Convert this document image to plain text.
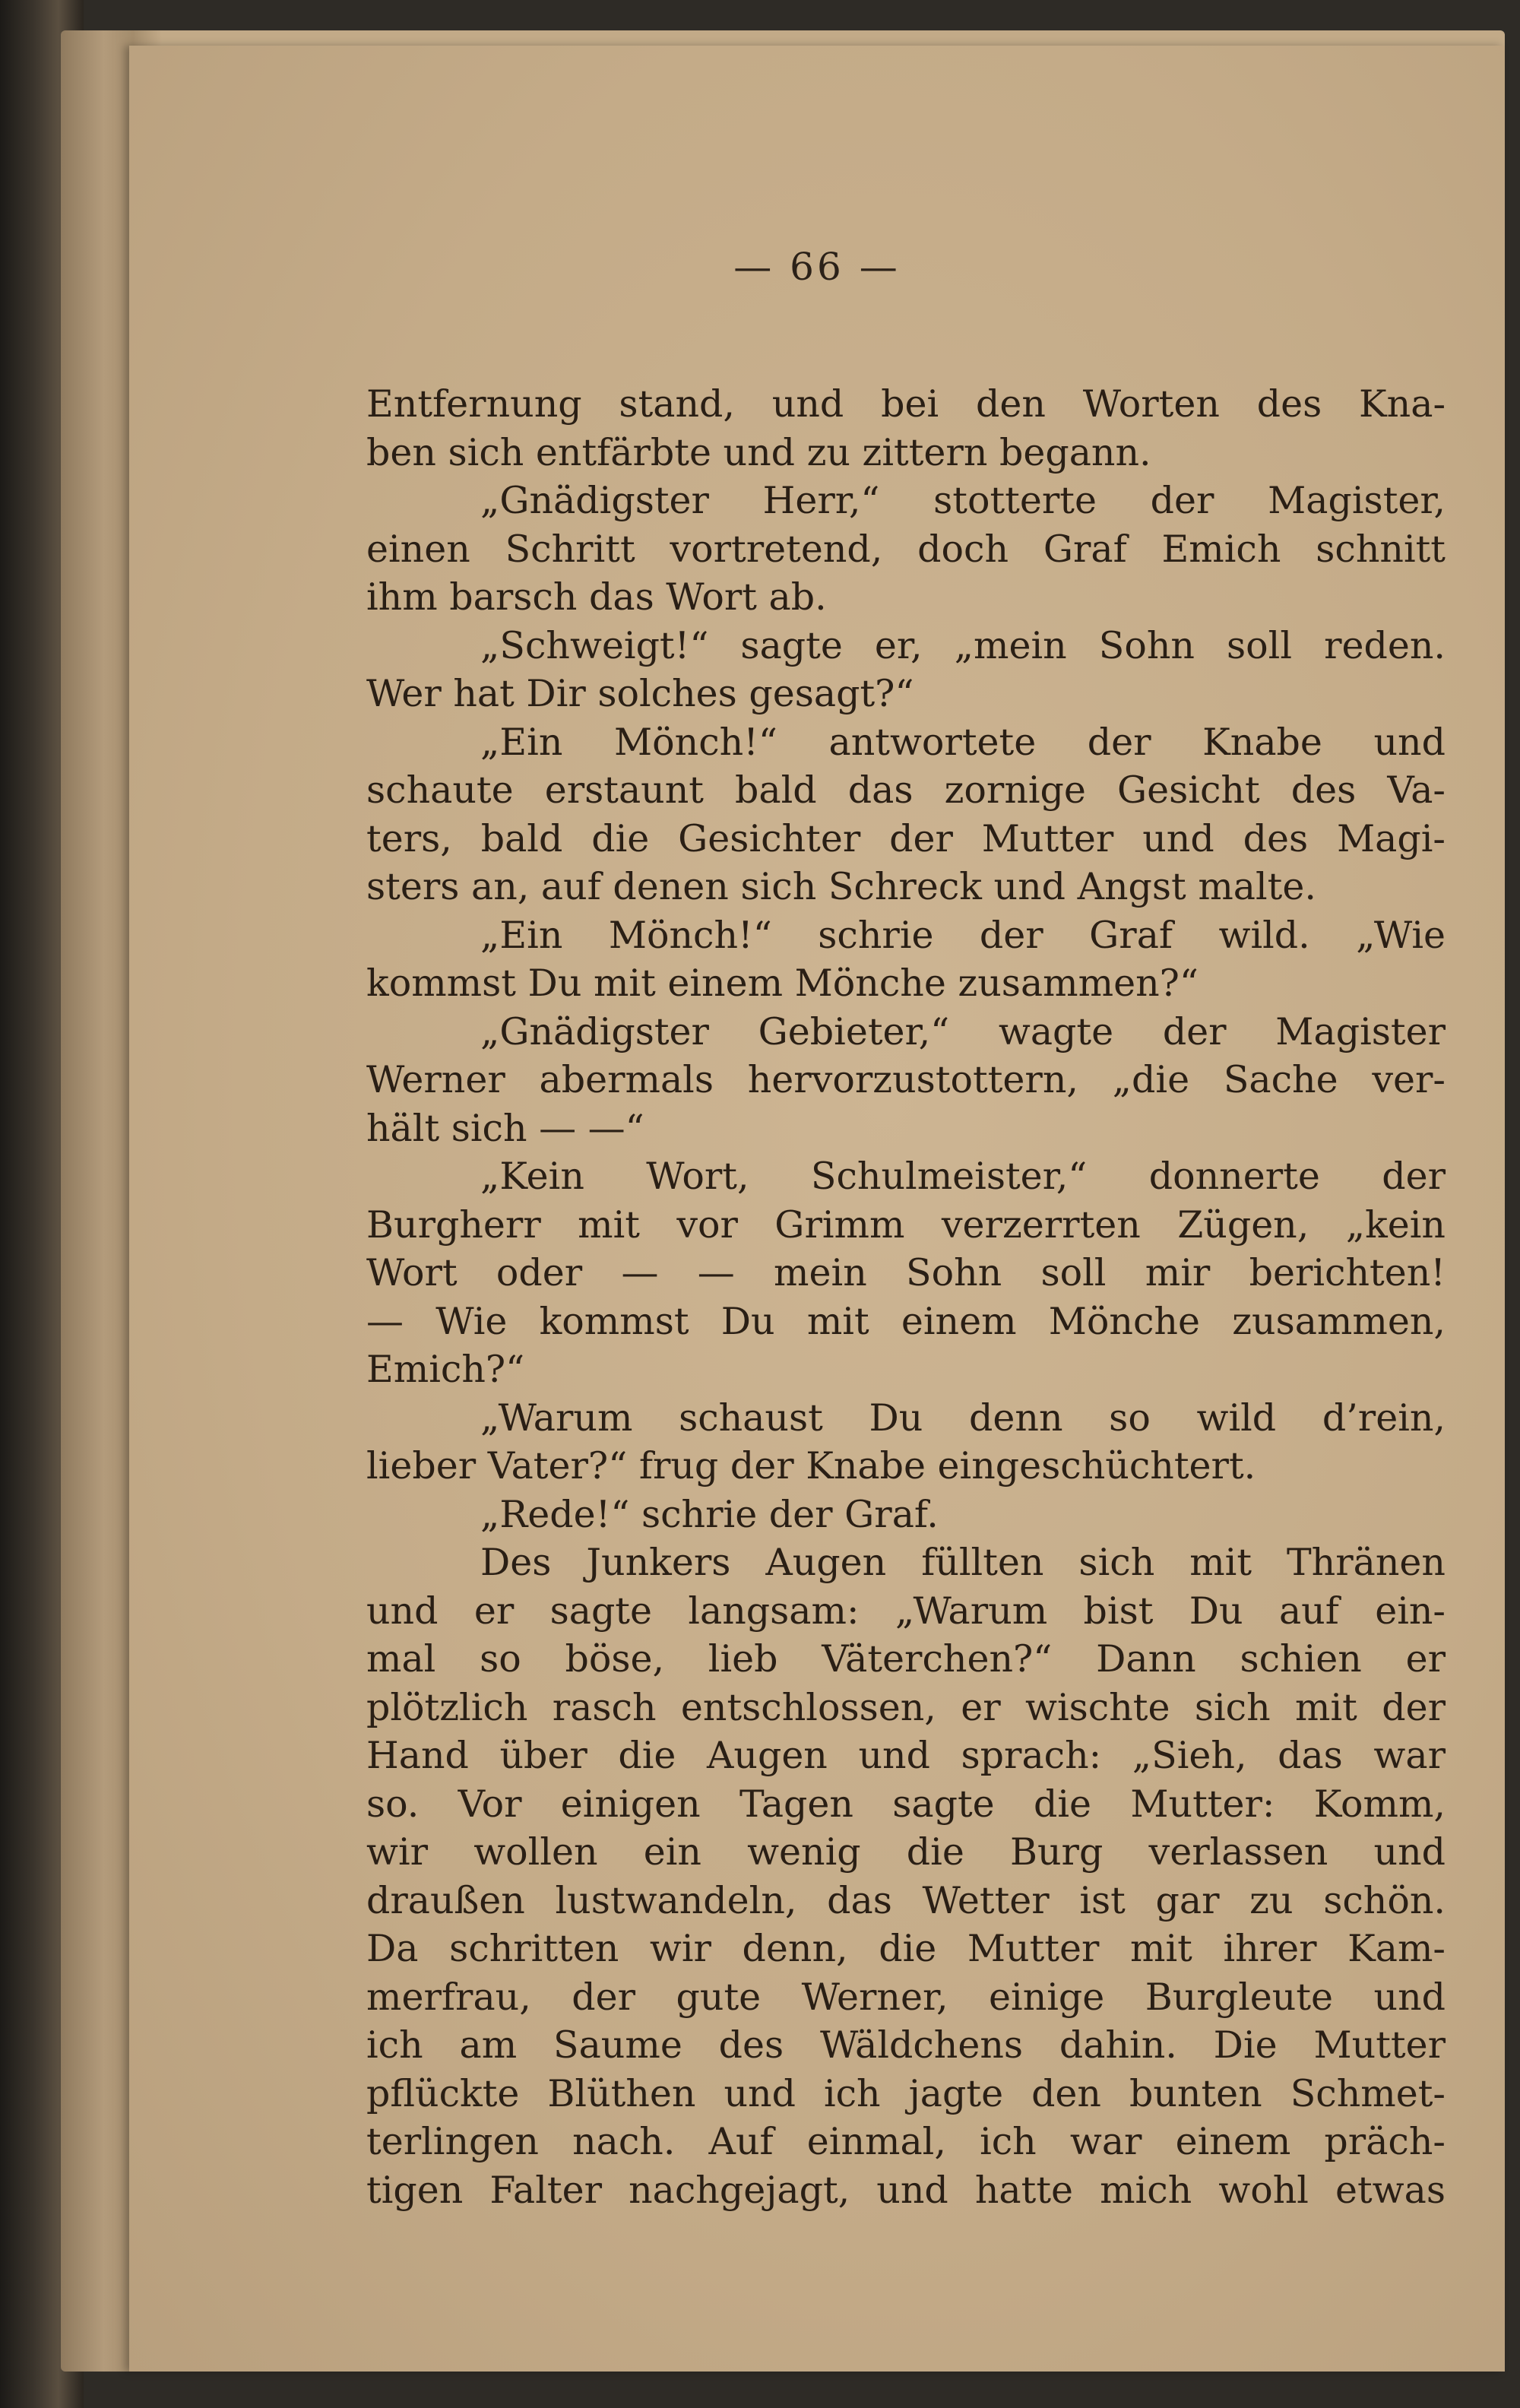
— 66 —
Entfernung stand, und bei den Worten des Kna-
ben sich entfärbte und zu zittern begann.
„Gnädigster Herr,“ stotterte der Magister,
einen Schritt vortretend, doch Graf Emich schnitt
ihm barsch das Wort ab.
„Schweigt!“ sagte er, „mein Sohn soll reden.
Wer hat Dir solches gesagt?“
„Ein Mönch!“ antwortete der Knabe und
schaute erstaunt bald das zornige Gesicht des Va-
ters, bald die Gesichter der Mutter und des Magi-
sters an, auf denen sich Schreck und Angst malte.
„Ein Mönch!“ schrie der Graf wild. „Wie
kommst Du mit einem Mönche zusammen?“
„Gnädigster Gebieter,“ wagte der Magister
Werner abermals hervorzustottern, „die Sache ver-
hält sich — —“
„Kein Wort, Schulmeister,“ donnerte der
Burgherr mit vor Grimm verzerrten Zügen, „kein
Wort oder — — mein Sohn soll mir berichten!
— Wie kommst Du mit einem Mönche zusammen,
Emich?“
„Warum schaust Du denn so wild d’rein,
lieber Vater?“ frug der Knabe eingeschüchtert.
„Rede!“ schrie der Graf.
Des Junkers Augen füllten sich mit Thränen
und er sagte langsam: „Warum bist Du auf ein-
mal so böse, lieb Väterchen?“ Dann schien er
plötzlich rasch entschlossen, er wischte sich mit der
Hand über die Augen und sprach: „Sieh, das war
so. Vor einigen Tagen sagte die Mutter: Komm,
wir wollen ein wenig die Burg verlassen und
draußen lustwandeln, das Wetter ist gar zu schön.
Da schritten wir denn, die Mutter mit ihrer Kam-
merfrau, der gute Werner, einige Burgleute und
ich am Saume des Wäldchens dahin. Die Mutter
pflückte Blüthen und ich jagte den bunten Schmet-
terlingen nach. Auf einmal, ich war einem präch-
tigen Falter nachgejagt, und hatte mich wohl etwas
